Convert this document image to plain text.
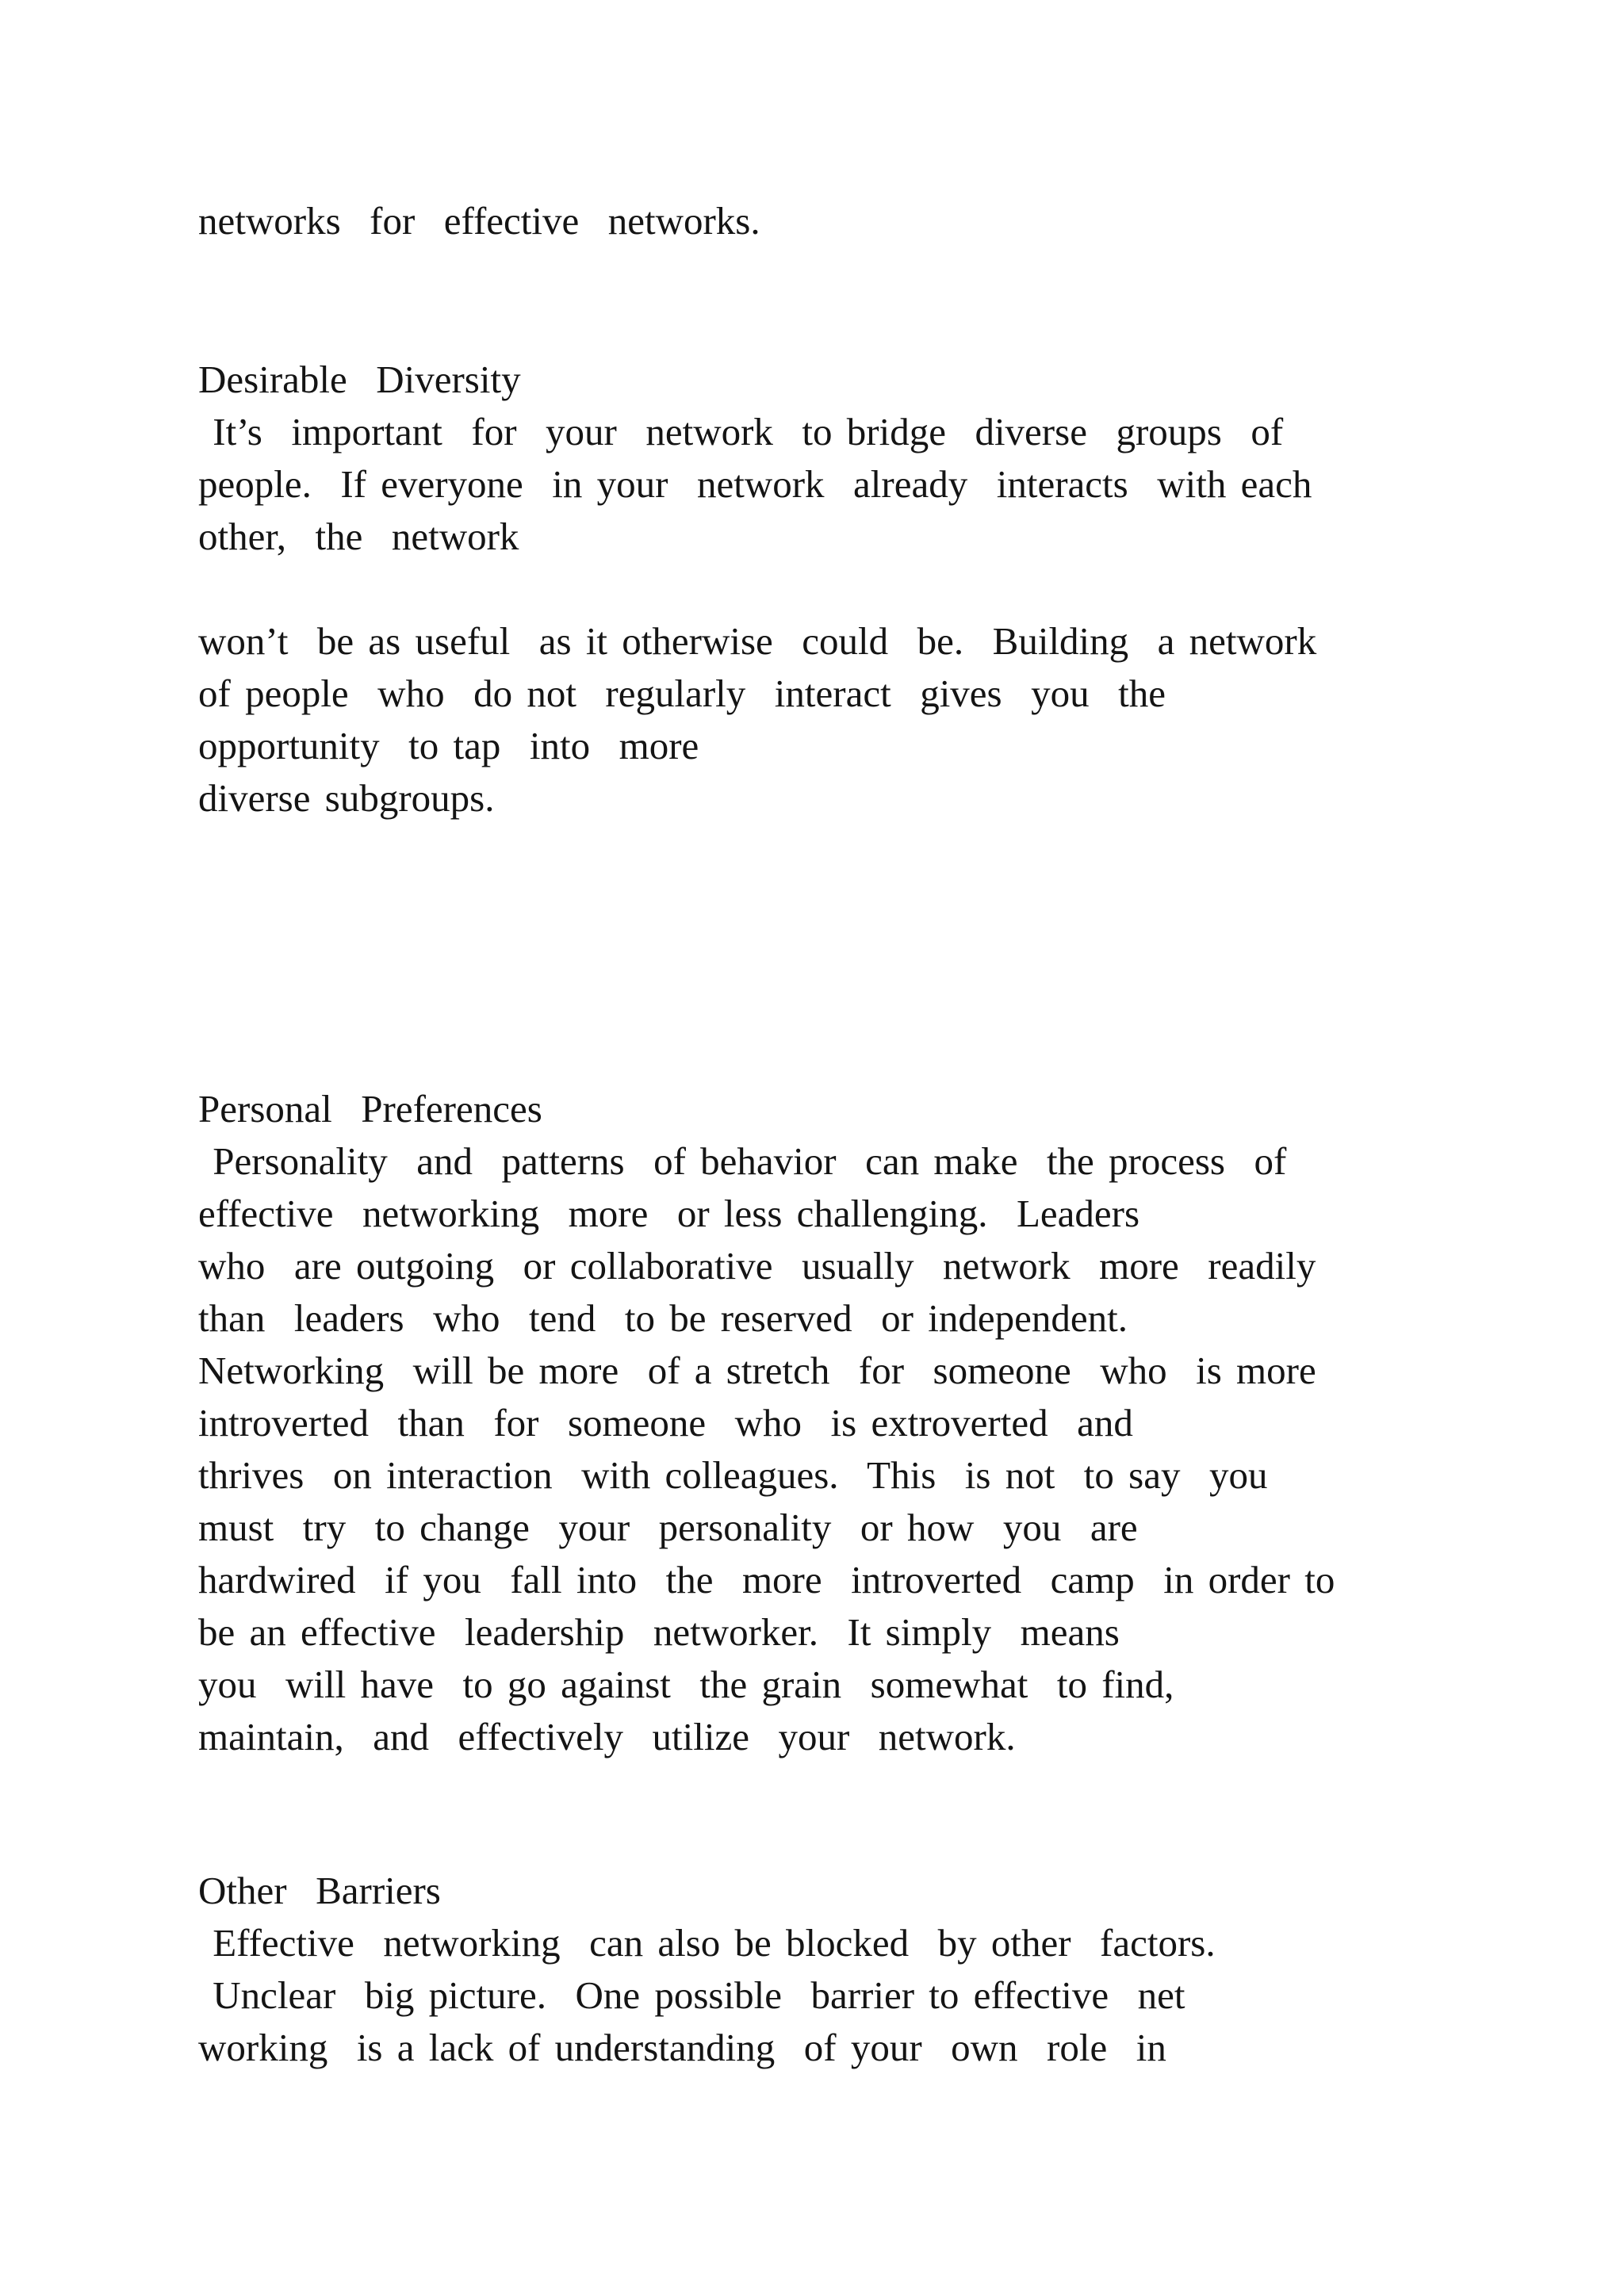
networks  for  effective  networks.

Desirable  Diversity

It’s  important  for  your  network  to bridge  diverse  groups  of

people.  If everyone  in your  network  already  interacts  with each

other,  the  network

won’t  be as useful  as it otherwise  could  be.  Building  a network

of people  who  do not  regularly  interact  gives  you  the

opportunity  to tap  into  more

diverse subgroups.

Personal  Preferences

Personality  and  patterns  of behavior  can make  the process  of

effective  networking  more  or less challenging.  Leaders

who  are outgoing  or collaborative  usually  network  more  readily

than  leaders  who  tend  to be reserved  or independent.

Networking  will be more  of a stretch  for  someone  who  is more

introverted  than  for  someone  who  is extroverted  and

thrives  on interaction  with colleagues.  This  is not  to say  you

must  try  to change  your  personality  or how  you  are

hardwired  if you  fall into  the  more  introverted  camp  in order to

be an effective  leadership  networker.  It simply  means

you  will have  to go against  the grain  somewhat  to find,

maintain,  and  effectively  utilize  your  network.

Other  Barriers

Effective  networking  can also be blocked  by other  factors.

Unclear  big picture.  One possible  barrier to effective  net

working  is a lack of understanding  of your  own  role  in
